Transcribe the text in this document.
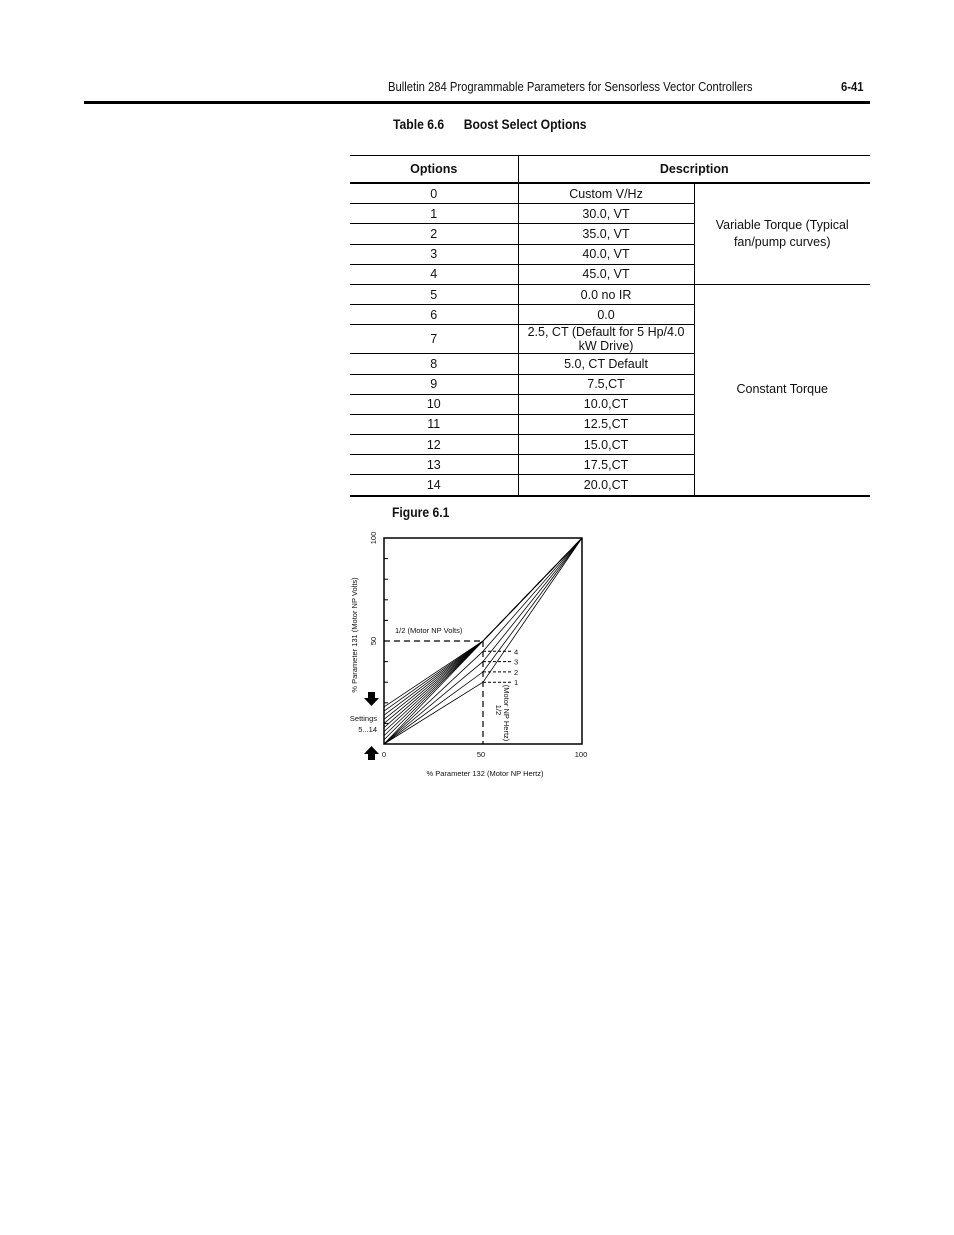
Bulletin 284 Programmable Parameters for Sensorless Vector Controllers	6-41
Table 6.6 Boost Select Options
Options	Description	
0	Custom V/Hz	Variable Torque (Typical fan/pump curves)
1	30.0, VT	
2	35.0, VT	
3	40.0, VT	
4	45.0, VT	
5	0.0 no IR	Constant Torque
6	0.0	
7	2.5, CT (Default for 5 Hp/4.0 kW Drive)	
8	5.0, CT Default	
9	7.5,CT	
10	10.0,CT	
11	12.5,CT	
12	15.0,CT	
13	17.5,CT	
14	20.0,CT	
Figure 6.1
% Parameter 131 (Motor NP Volts)
% Parameter 132 (Motor NP Hertz)
100
50
0	50	100
1/2 (Motor NP Volts)
1/2 (Motor NP Hertz)
Settings
5...14
4
3
2
1
